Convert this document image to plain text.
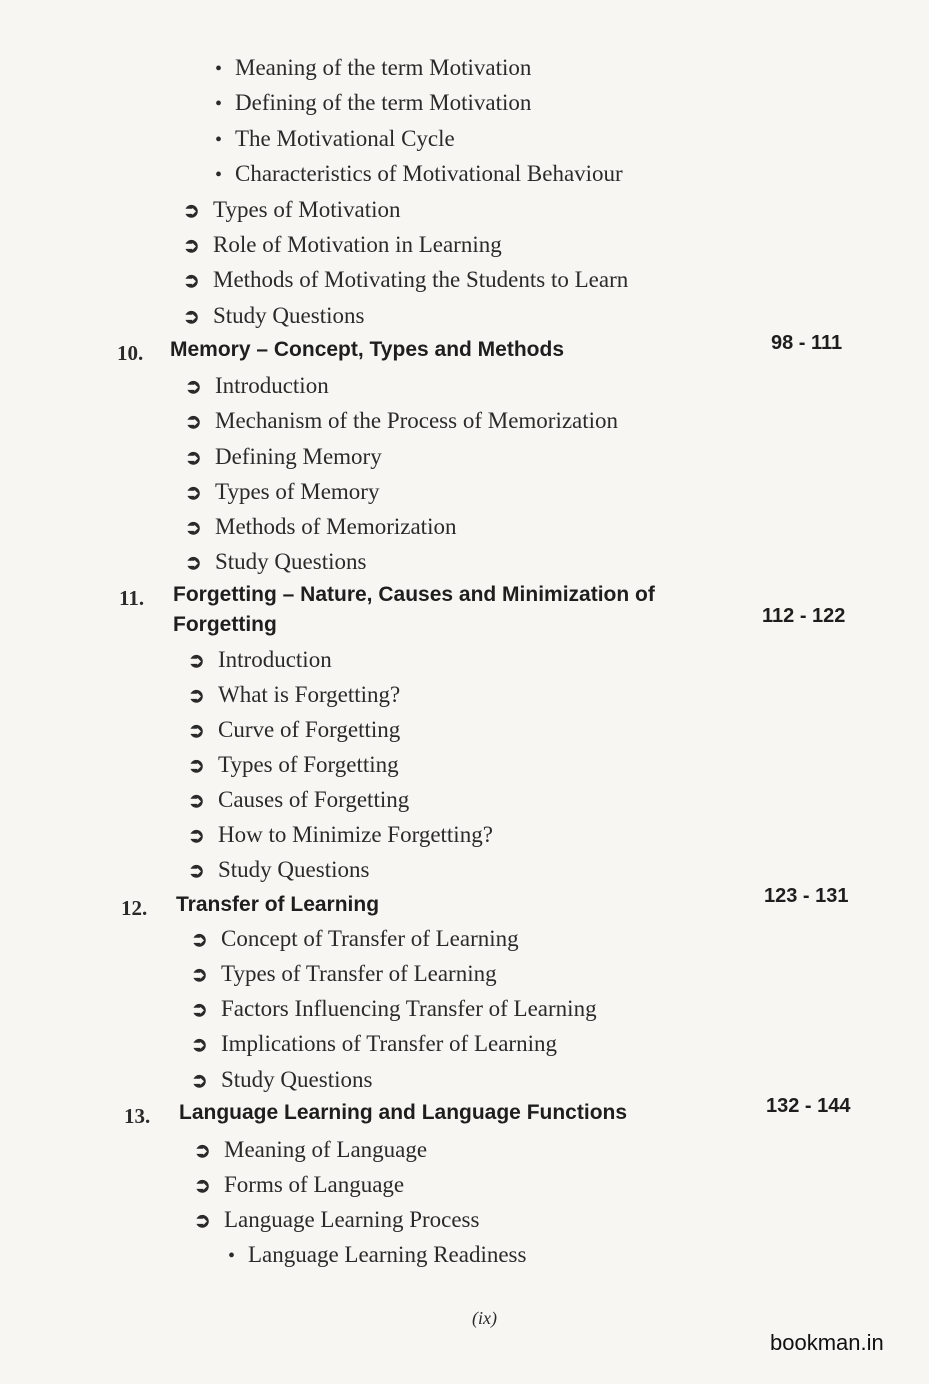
• Meaning of the term Motivation
• Defining of the term Motivation
• The Motivational Cycle
• Characteristics of Motivational Behaviour
➲ Types of Motivation
➲ Role of Motivation in Learning
➲ Methods of Motivating the Students to Learn
➲ Study Questions
10. Memory – Concept, Types and Methods	98 - 111
➲ Introduction
➲ Mechanism of the Process of Memorization
➲ Defining Memory
➲ Types of Memory
➲ Methods of Memorization
➲ Study Questions
11. Forgetting – Nature, Causes and Minimization of
Forgetting	112 - 122
➲ Introduction
➲ What is Forgetting?
➲ Curve of Forgetting
➲ Types of Forgetting
➲ Causes of Forgetting
➲ How to Minimize Forgetting?
➲ Study Questions
12. Transfer of Learning	123 - 131
➲ Concept of Transfer of Learning
➲ Types of Transfer of Learning
➲ Factors Influencing Transfer of Learning
➲ Implications of Transfer of Learning
➲ Study Questions
13. Language Learning and Language Functions	132 - 144
➲ Meaning of Language
➲ Forms of Language
➲ Language Learning Process
• Language Learning Readiness
(ix)
bookman.in
